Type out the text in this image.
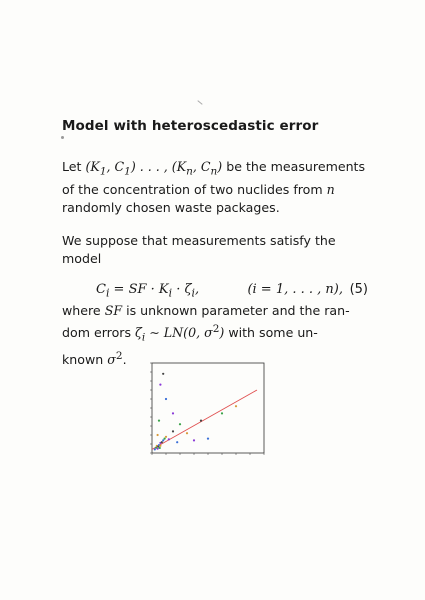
Model with heteroscedastic error
Let ($K_1$, $C_1$) . . . , ($K_n$, $C_n$) be the measurements
of the concentration of two nuclides from n
randomly chosen waste packages.
We suppose that measurements satisfy the
model
$C_i$ = SF · $K_i \cdot \zeta_i$,	(i = 1, . . . , n), (5)
where SF is unknown parameter and the ran-
dom errors $\zeta_i$ ∼ LN(0, $\sigma^2$) with some un-
known $\sigma^2$.
